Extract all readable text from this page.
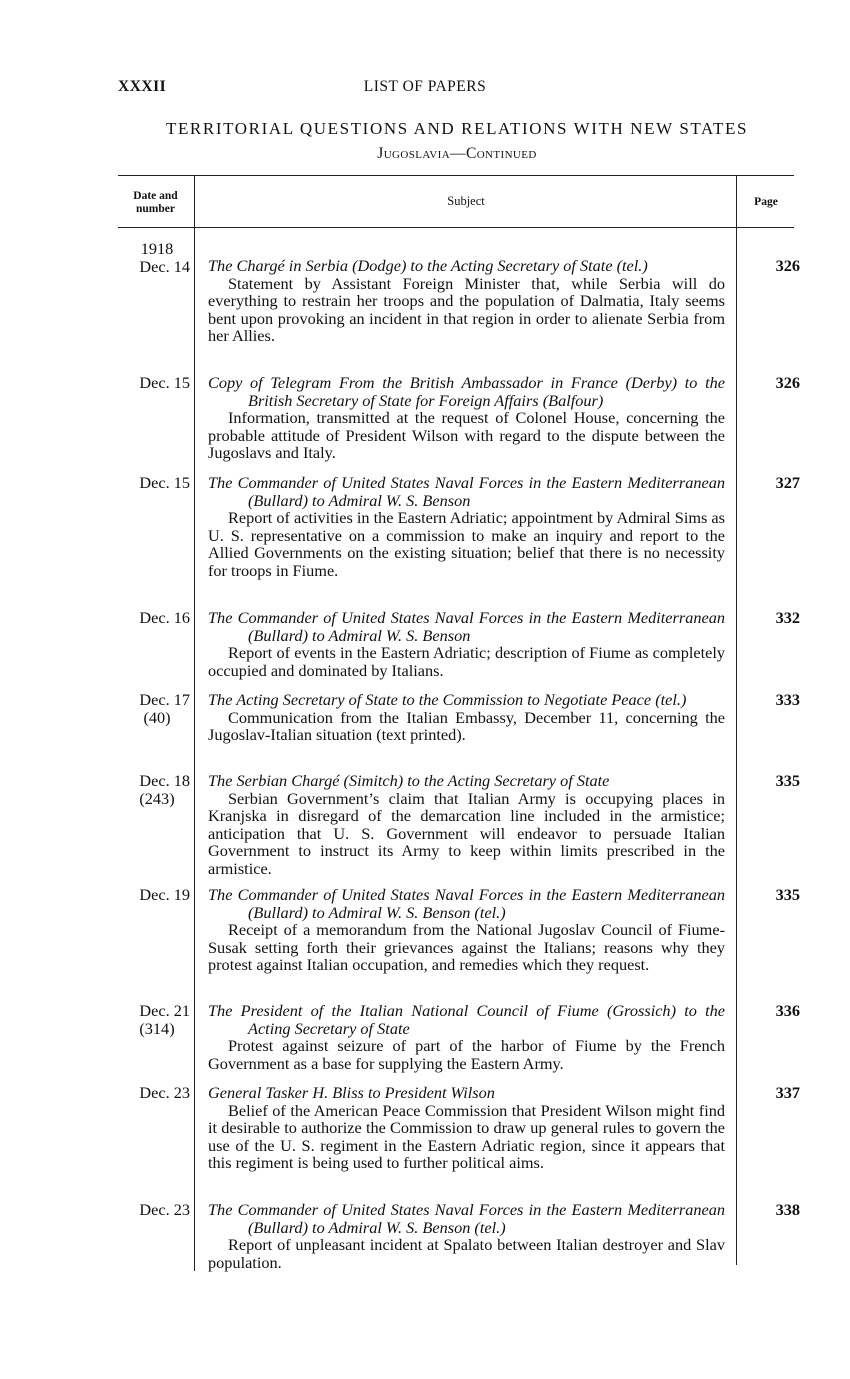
XXXII	LIST OF PAPERS
TERRITORIAL QUESTIONS AND RELATIONS WITH NEW STATES
Jugoslavia—Continued
Date and number
Subject	Page
1918
Dec. 14 The Chargé in Serbia (Dodge) to the Acting Secretary of State (tel.)
Statement by Assistant Foreign Minister that, while Serbia will do everything to restrain her troops and the population of Dalmatia, Italy seems bent upon provoking an incident in that region in order to alienate Serbia from her Allies.
326
Dec. 15 Copy of Telegram From the British Ambassador in France (Derby) to the British Secretary of State for Foreign Affairs (Balfour)
Information, transmitted at the request of Colonel House, concerning the probable attitude of President Wilson with regard to the dispute between the Jugoslavs and Italy.
326
Dec. 15 The Commander of United States Naval Forces in the Eastern Mediterranean (Bullard) to Admiral W. S. Benson
Report of activities in the Eastern Adriatic; appointment by Admiral Sims as U. S. representative on a commission to make an inquiry and report to the Allied Governments on the existing situation; belief that there is no necessity for troops in Fiume.
327
Dec. 16 The Commander of United States Naval Forces in the Eastern Mediterranean (Bullard) to Admiral W. S. Benson
Report of events in the Eastern Adriatic; description of Fiume as completely occupied and dominated by Italians.
332
Dec. 17
(40)
The Acting Secretary of State to the Commission to Negotiate Peace (tel.)
Communication from the Italian Embassy, December 11, concerning the Jugoslav-Italian situation (text printed).
333
Dec. 18
(243)
The Serbian Chargé (Simitch) to the Acting Secretary of State
Serbian Government’s claim that Italian Army is occupying places in Kranjska in disregard of the demarcation line included in the armistice; anticipation that U. S. Government will endeavor to persuade Italian Government to instruct its Army to keep within limits prescribed in the armistice.
335
Dec. 19 The Commander of United States Naval Forces in the Eastern Mediterranean (Bullard) to Admiral W. S. Benson (tel.)
Receipt of a memorandum from the National Jugoslav Council of Fiume-Susak setting forth their grievances against the Italians; reasons why they protest against Italian occupation, and remedies which they request.
335
Dec. 21
(314)
The President of the Italian National Council of Fiume (Grossich) to the Acting Secretary of State
Protest against seizure of part of the harbor of Fiume by the French Government as a base for supplying the Eastern Army.
336
Dec. 23 General Tasker H. Bliss to President Wilson
Belief of the American Peace Commission that President Wilson might find it desirable to authorize the Commission to draw up general rules to govern the use of the U. S. regiment in the Eastern Adriatic region, since it appears that this regiment is being used to further political aims.
337
Dec. 23 The Commander of United States Naval Forces in the Eastern Mediterranean (Bullard) to Admiral W. S. Benson (tel.)
Report of unpleasant incident at Spalato between Italian destroyer and Slav population.
338
